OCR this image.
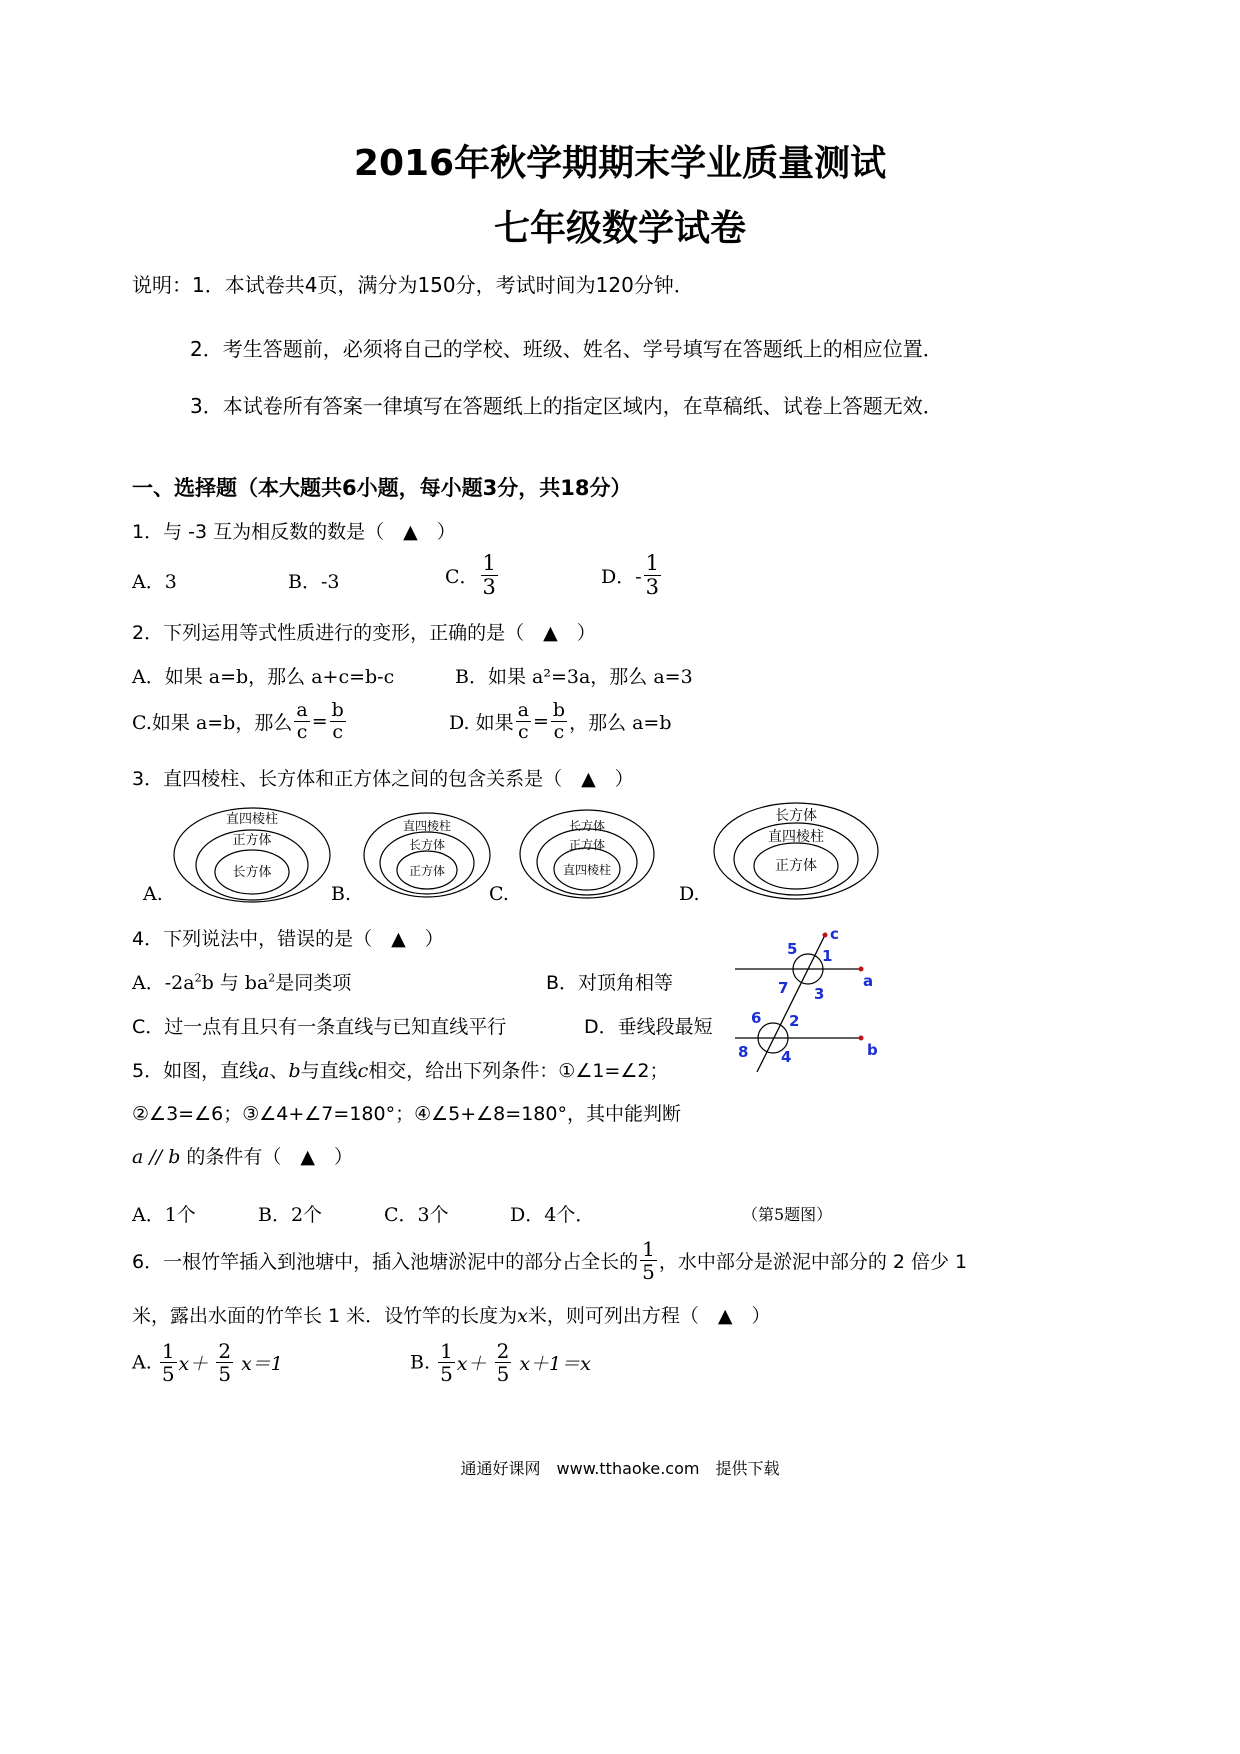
2016年秋学期期末学业质量测试
七年级数学试卷
说明：1．本试卷共4页，满分为150分，考试时间为120分钟．
2．考生答题前，必须将自己的学校、班级、姓名、学号填写在答题纸上的相应位置．
3．本试卷所有答案一律填写在答题纸上的指定区域内，在草稿纸、试卷上答题无效．
一、选择题（本大题共6小题，每小题3分，共18分）
1．与 -3 互为相反数的数是（　▲　）
A．3	B．-3	C． $\frac{1}{3}$	D．- $\frac{1}{3}$
2．下列运用等式性质进行的变形，正确的是（　▲　）
A．如果 a=b，那么 a+c=b-c	B．如果 a²=3a，那么 a=3
C.如果 a=b，那么 $\frac{a}{c} = \frac{b}{c}$	D. 如果 $\frac{a}{c} = \frac{b}{c}$ ，那么 a=b
3．直四棱柱、长方体和正方体之间的包含关系是（　▲　）
A.
直四棱柱
正方体
长方体
B.
直四棱柱
长方体
正方体
C.
长方体
正方体
直四棱柱
D.
长方体
直四棱柱
正方体
4．下列说法中，错误的是（　▲　）
A．$-2a^2b$ 与 $ba^2$是同类项	B．对顶角相等
C．过一点有且只有一条直线与已知直线平行	D．垂线段最短
5 1
7 3
6 2
8 4
c
a
b
5．如图，直线a、b与直线c相交，给出下列条件：①∠1=∠2；
②∠3=∠6；③∠4+∠7=180°；④∠5+∠8=180°，其中能判断
a // b 的条件有（　▲　）
A．1个	B．2个	C．3个	D．4个．	（第5题图）
6．一根竹竿插入到池塘中，插入池塘淤泥中的部分占全长的 $\frac{1}{5}$ ，水中部分是淤泥中部分的 2 倍少 1
米，露出水面的竹竿长 1 米．设竹竿的长度为x米，则可列出方程（　▲　）
A. $\frac{1}{5} x+ \frac{2}{5} x=1$	B. $\frac{1}{5} x+ \frac{2}{5} x+1=x$
通通好课网　www.tthaoke.com　提供下载
